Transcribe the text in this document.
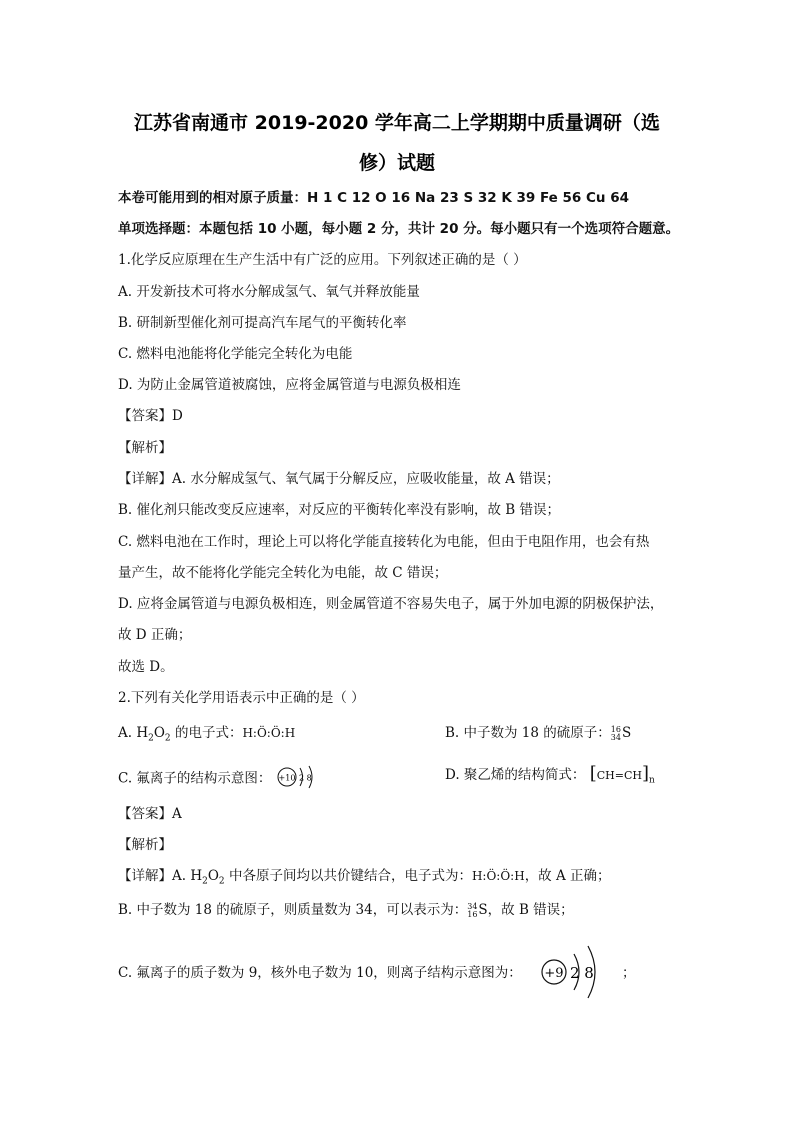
江苏省南通市 2019-2020 学年高二上学期期中质量调研（选
修）试题
本卷可能用到的相对原子质量：H 1 C 12 O 16 Na 23 S 32 K 39 Fe 56 Cu 64
单项选择题：本题包括 10 小题，每小题 2 分，共计 20 分。每小题只有一个选项符合题意。
1.化学反应原理在生产生活中有广泛的应用。下列叙述正确的是（ ）
A. 开发新技术可将水分解成氢气、氧气并释放能量
B. 研制新型催化剂可提高汽车尾气的平衡转化率
C. 燃料电池能将化学能完全转化为电能
D. 为防止金属管道被腐蚀，应将金属管道与电源负极相连
【答案】D
【解析】
【详解】A. 水分解成氢气、氧气属于分解反应，应吸收能量，故 A 错误；
B. 催化剂只能改变反应速率，对反应的平衡转化率没有影响，故 B 错误；
C. 燃料电池在工作时，理论上可以将化学能直接转化为电能，但由于电阻作用，也会有热
量产生，故不能将化学能完全转化为电能，故 C 错误；
D. 应将金属管道与电源负极相连，则金属管道不容易失电子，属于外加电源的阴极保护法，
故 D 正确；
故选 D。
2.下列有关化学用语表示中正确的是（ ）
A. $H_2O_2$ 的电子式：H:Ö:Ö:H	B. 中子数为 18 的硫原子：16
34S
C. 氟离子的结构示意图： +10 2 8	D. 聚乙烯的结构简式： $[CH=CH]_n$
【答案】A
【解析】
【详解】A. $H_2O_2$ 中各原子间均以共价键结合，电子式为：H:Ö:Ö:H，故 A 正确；
B. 中子数为 18 的硫原子，则质量数为 34，可以表示为：34
16S，故 B 错误；
C. 氟离子的质子数为 9，核外电子数为 10，则离子结构示意图为： +9 2 8 ；
